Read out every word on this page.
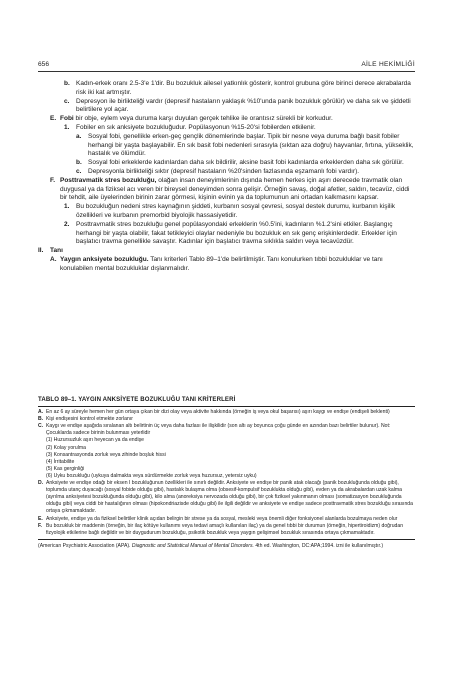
656	AİLE HEKİMLİĞİ
b. Kadın-erkek oranı 2.5-3'e 1'dir. Bu bozukluk ailesel yatkınlık gösterir, kontrol grubuna göre birinci derece akrabalarda risk iki kat artmıştır.
c. Depresyon ile birlikteliği vardır (depresif hastaların yaklaşık %10'unda panik bozukluk görülür) ve daha sık ve şiddetli belirtilere yol açar.
E. Fobi bir obje, eylem veya duruma karşı duyulan gerçek tehlike ile orantısız sürekli bir korkudur.
1. Fobiler en sık anksiyete bozukluğudur. Popülasyonun %15-20'si fobilerden etkilenir.
a. Sosyal fobi, genellikle erken-geç gençlik dönemlerinde başlar. Tipik bir nesne veya duruma bağlı basit fobiler herhangi bir yaşta başlayabilir. En sık basit fobi nedenleri sırasıyla (sıktan aza doğru) hayvanlar, fırtına, yükseklik, hastalık ve ölümdür.
b. Sosyal fobi erkeklerde kadınlardan daha sık bildirilir, aksine basit fobi kadınlarda erkeklerden daha sık görülür.
c. Depresyonla birlikteliği sıktır (depresif hastaların %20'sinden fazlasında eşzamanlı fobi vardır).
F. Posttravmatik stres bozukluğu, olağan insan deneyimlerinin dışında hemen herkes için aşırı derecede travmatik olan duygusal ya da fiziksel acı veren bir bireysel deneyimden sonra gelişir. Örneğin savaş, doğal afetler, saldırı, tecavüz, ciddi bir tehdit, aile üyelerinden birinin zarar görmesi, kişinin evinin ya da toplumunun ani ortadan kalkmasını kapsar.
1. Bu bozukluğun nedeni stres kaynağının şiddeti, kurbanın sosyal çevresi, sosyal destek durumu, kurbanın kişilik özellikleri ve kurbanın premorbid biyolojik hassasiyetidir.
2. Posttravmatik stres bozukluğu genel popülasyondaki erkeklerin %0.5'ini, kadınların %1.2'sini etkiler. Başlangıç herhangi bir yaşta olabilir, fakat tetikleyici olaylar nedeniyle bu bozukluk en sık genç erişkinlerdedir. Erkekler için başlatıcı travma genellikle savaştır. Kadınlar için başlatıcı travma sıklıkla saldırı veya tecavüzdür.
II. Tanı
A. Yaygın anksiyete bozukluğu. Tanı kriterleri Tablo 89–1'de belirtilmiştir. Tanı konulurken tıbbi bozukluklar ve tanı konulabilen mental bozukluklar dışlanmalıdır.
TABLO 89–1. YAYGIN ANKSİYETE BOZUKLUĞU TANI KRİTERLERİ
A. En az 6 ay süreyle hemen her gün ortaya çıkan bir dizi olay veya aktivite hakkında (örneğin iş veya okul başarısı) aşırı kaygı ve endişe (endişeli beklenti)
B. Kişi endişesini kontrol etmekte zorlanır
C. Kaygı ve endişe aşağıda sıralanan altı belirtinin üç veya daha fazlası ile ilişkilidir (son altı ay boyunca çoğu günde en azından bazı belirtiler bulunur). Not: Çocuklarda sadece birinin bulunması yeterlidir
(1) Huzursuzluk aşırı heyecan ya da endişe
(2) Kolay yorulma
(3) Konsantrasyonda zorluk veya zihinde boşluk hissi
(4) İrritabilite
(5) Kas gerginliği
(6) Uyku bozukluğu (uykuya dalmakta veya sürdürmekte zorluk veya huzursuz, yetersiz uyku)
D. Anksiyete ve endişe odağı bir eksen I bozukluğunun özellikleri ile sınırlı değildir. Anksiyete ve endişe bir panik atak olacağı (panik bozukluğunda olduğu gibi), toplumda utanç duyacağı (sosyal fobide olduğu gibi), hastalık bulaşma olma (obsesif-kompulsif bozuklukta olduğu gibi), evden ya da akrabalardan uzak kalma (ayrılma anksiyetesi bozukluğunda olduğu gibi), kilo alma (anoreksiya nervozada olduğu gibi), bir çok fiziksel yakınmanın olması (somatizasyon bozukluğunda olduğu gibi) veya ciddi bir hastalığının olması (hipokondriazisde olduğu gibi) ile ilgili değildir ve anksiyete ve endişe sadece posttravmatik stres bozukluğu sırasında ortaya çıkmamaktadır.
E. Anksiyete, endişe ya da fiziksel belirtiler klinik açıdan belirgin bir strese ya da sosyal, mesleki veya önemli diğer fonksiyonel alanlarda bozulmaya neden olur
F. Bu bozukluk bir maddenin (örneğin, bir ilaç kötüye kullanımı veya tedavi amaçlı kullanılan ilaç) ya da genel tıbbi bir durumun (örneğin, hipertiroidizm) doğrudan fizyolojik etkilerine bağlı değildir ve bir duygudurum bozukluğu, psikotik bozukluk veya yaygın gelişimsel bozukluk sırasında ortaya çıkmamaktadır.
(American Psychiatric Association (APA). Diagnostic and Statistical Manual of Mental Disorders. 4th ed. Washington, DC:APA;1994. izni ile kullanılmıştır.)
